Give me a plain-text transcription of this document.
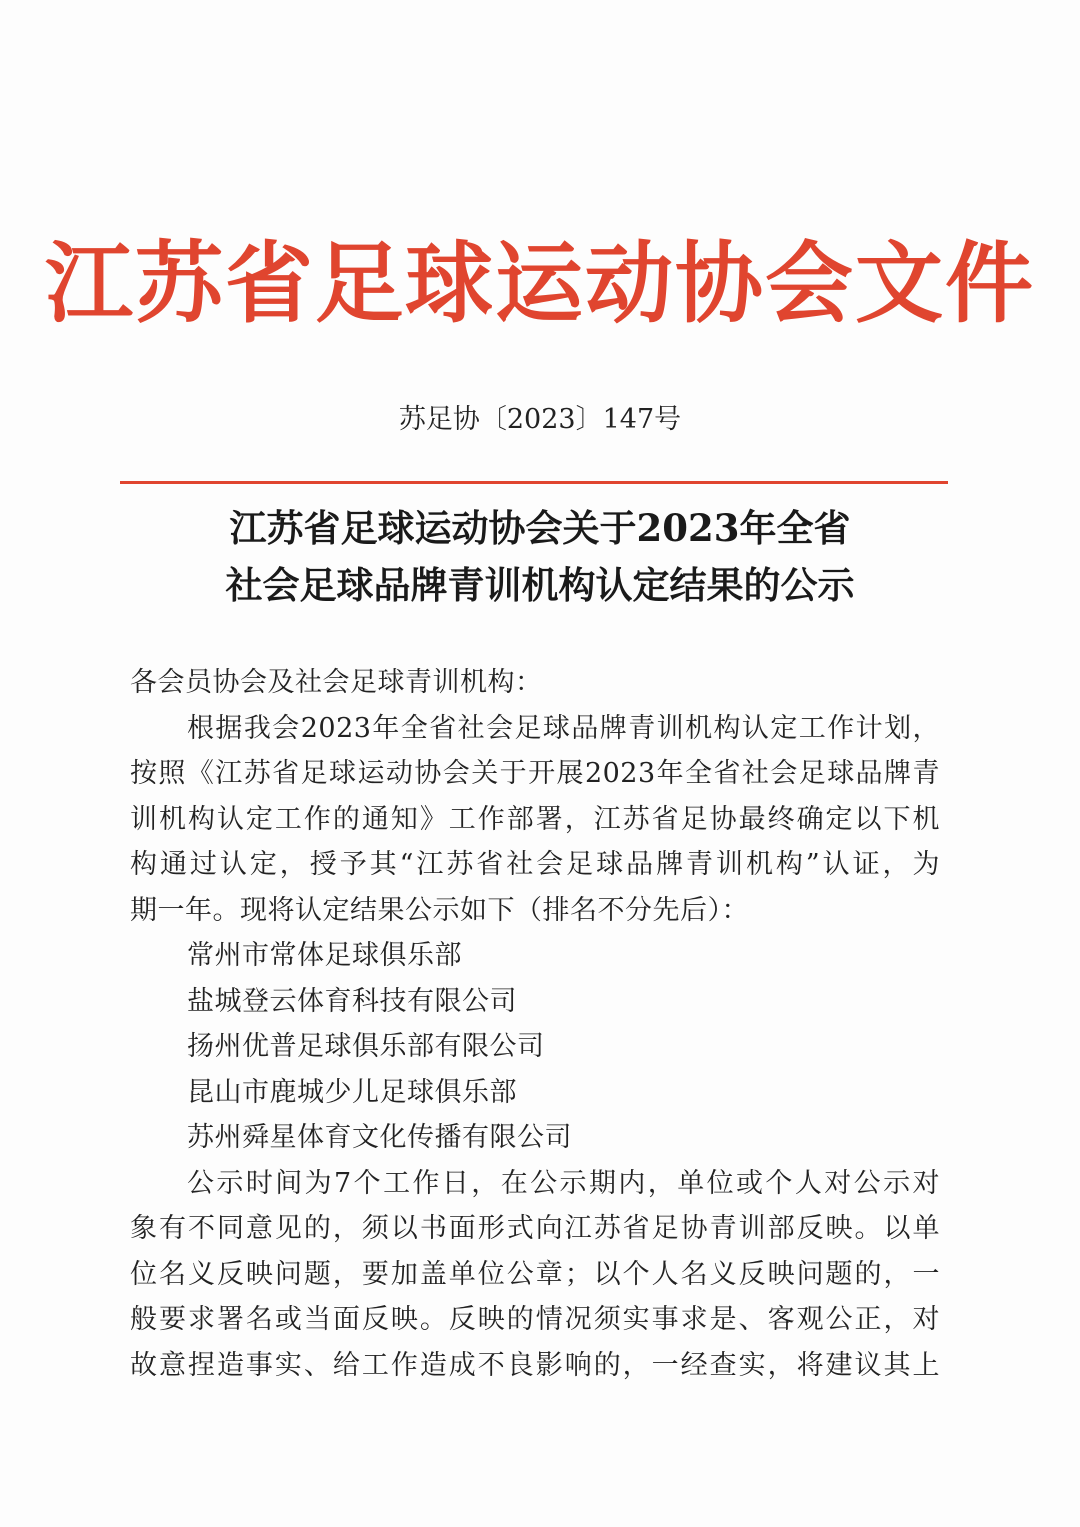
江苏省足球运动协会文件
苏足协〔2023〕147号
江苏省足球运动协会关于2023年全省
社会足球品牌青训机构认定结果的公示
各会员协会及社会足球青训机构：
根据我会2023年全省社会足球品牌青训机构认定工作计划，
按照《江苏省足球运动协会关于开展2023年全省社会足球品牌青
训机构认定工作的通知》工作部署，江苏省足协最终确定以下机
构通过认定，授予其“江苏省社会足球品牌青训机构”认证，为
期一年。现将认定结果公示如下（排名不分先后）：
常州市常体足球俱乐部
盐城登云体育科技有限公司
扬州优普足球俱乐部有限公司
昆山市鹿城少儿足球俱乐部
苏州舜星体育文化传播有限公司
公示时间为7个工作日，在公示期内，单位或个人对公示对
象有不同意见的，须以书面形式向江苏省足协青训部反映。以单
位名义反映问题，要加盖单位公章；以个人名义反映问题的，一
般要求署名或当面反映。反映的情况须实事求是、客观公正，对
故意捏造事实、给工作造成不良影响的，一经查实，将建议其上
